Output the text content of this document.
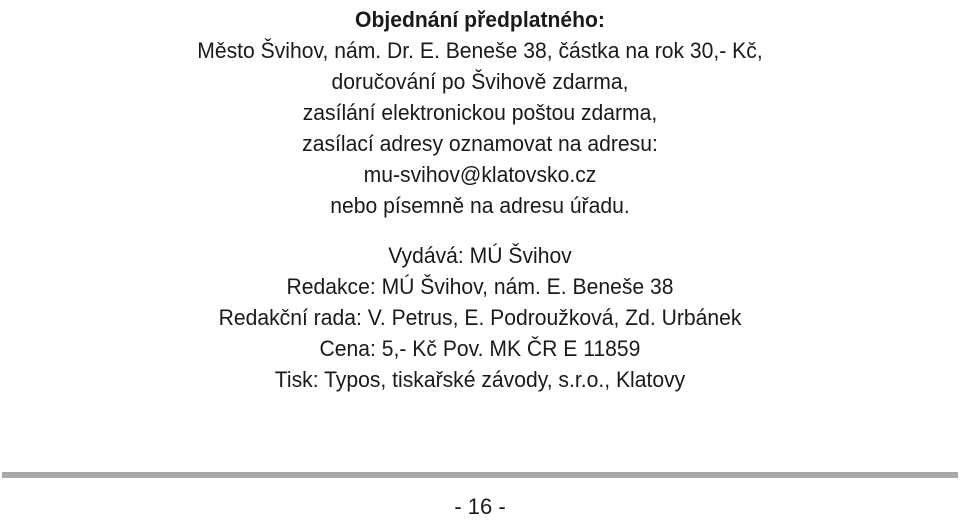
Objednání předplatného:
Město Švihov, nám. Dr. E. Beneše 38, částka na rok 30,- Kč,
doručování po Švihově zdarma,
zasílání elektronickou poštou zdarma,
zasílací adresy oznamovat na adresu:
mu-svihov@klatovsko.cz
nebo písemně na adresu úřadu.
Vydává: MÚ Švihov
Redakce: MÚ Švihov, nám. E. Beneše 38
Redakční rada: V. Petrus, E. Podroužková, Zd. Urbánek
Cena: 5,- Kč Pov. MK ČR E 11859
Tisk: Typos, tiskařské závody, s.r.o., Klatovy
- 16 -
